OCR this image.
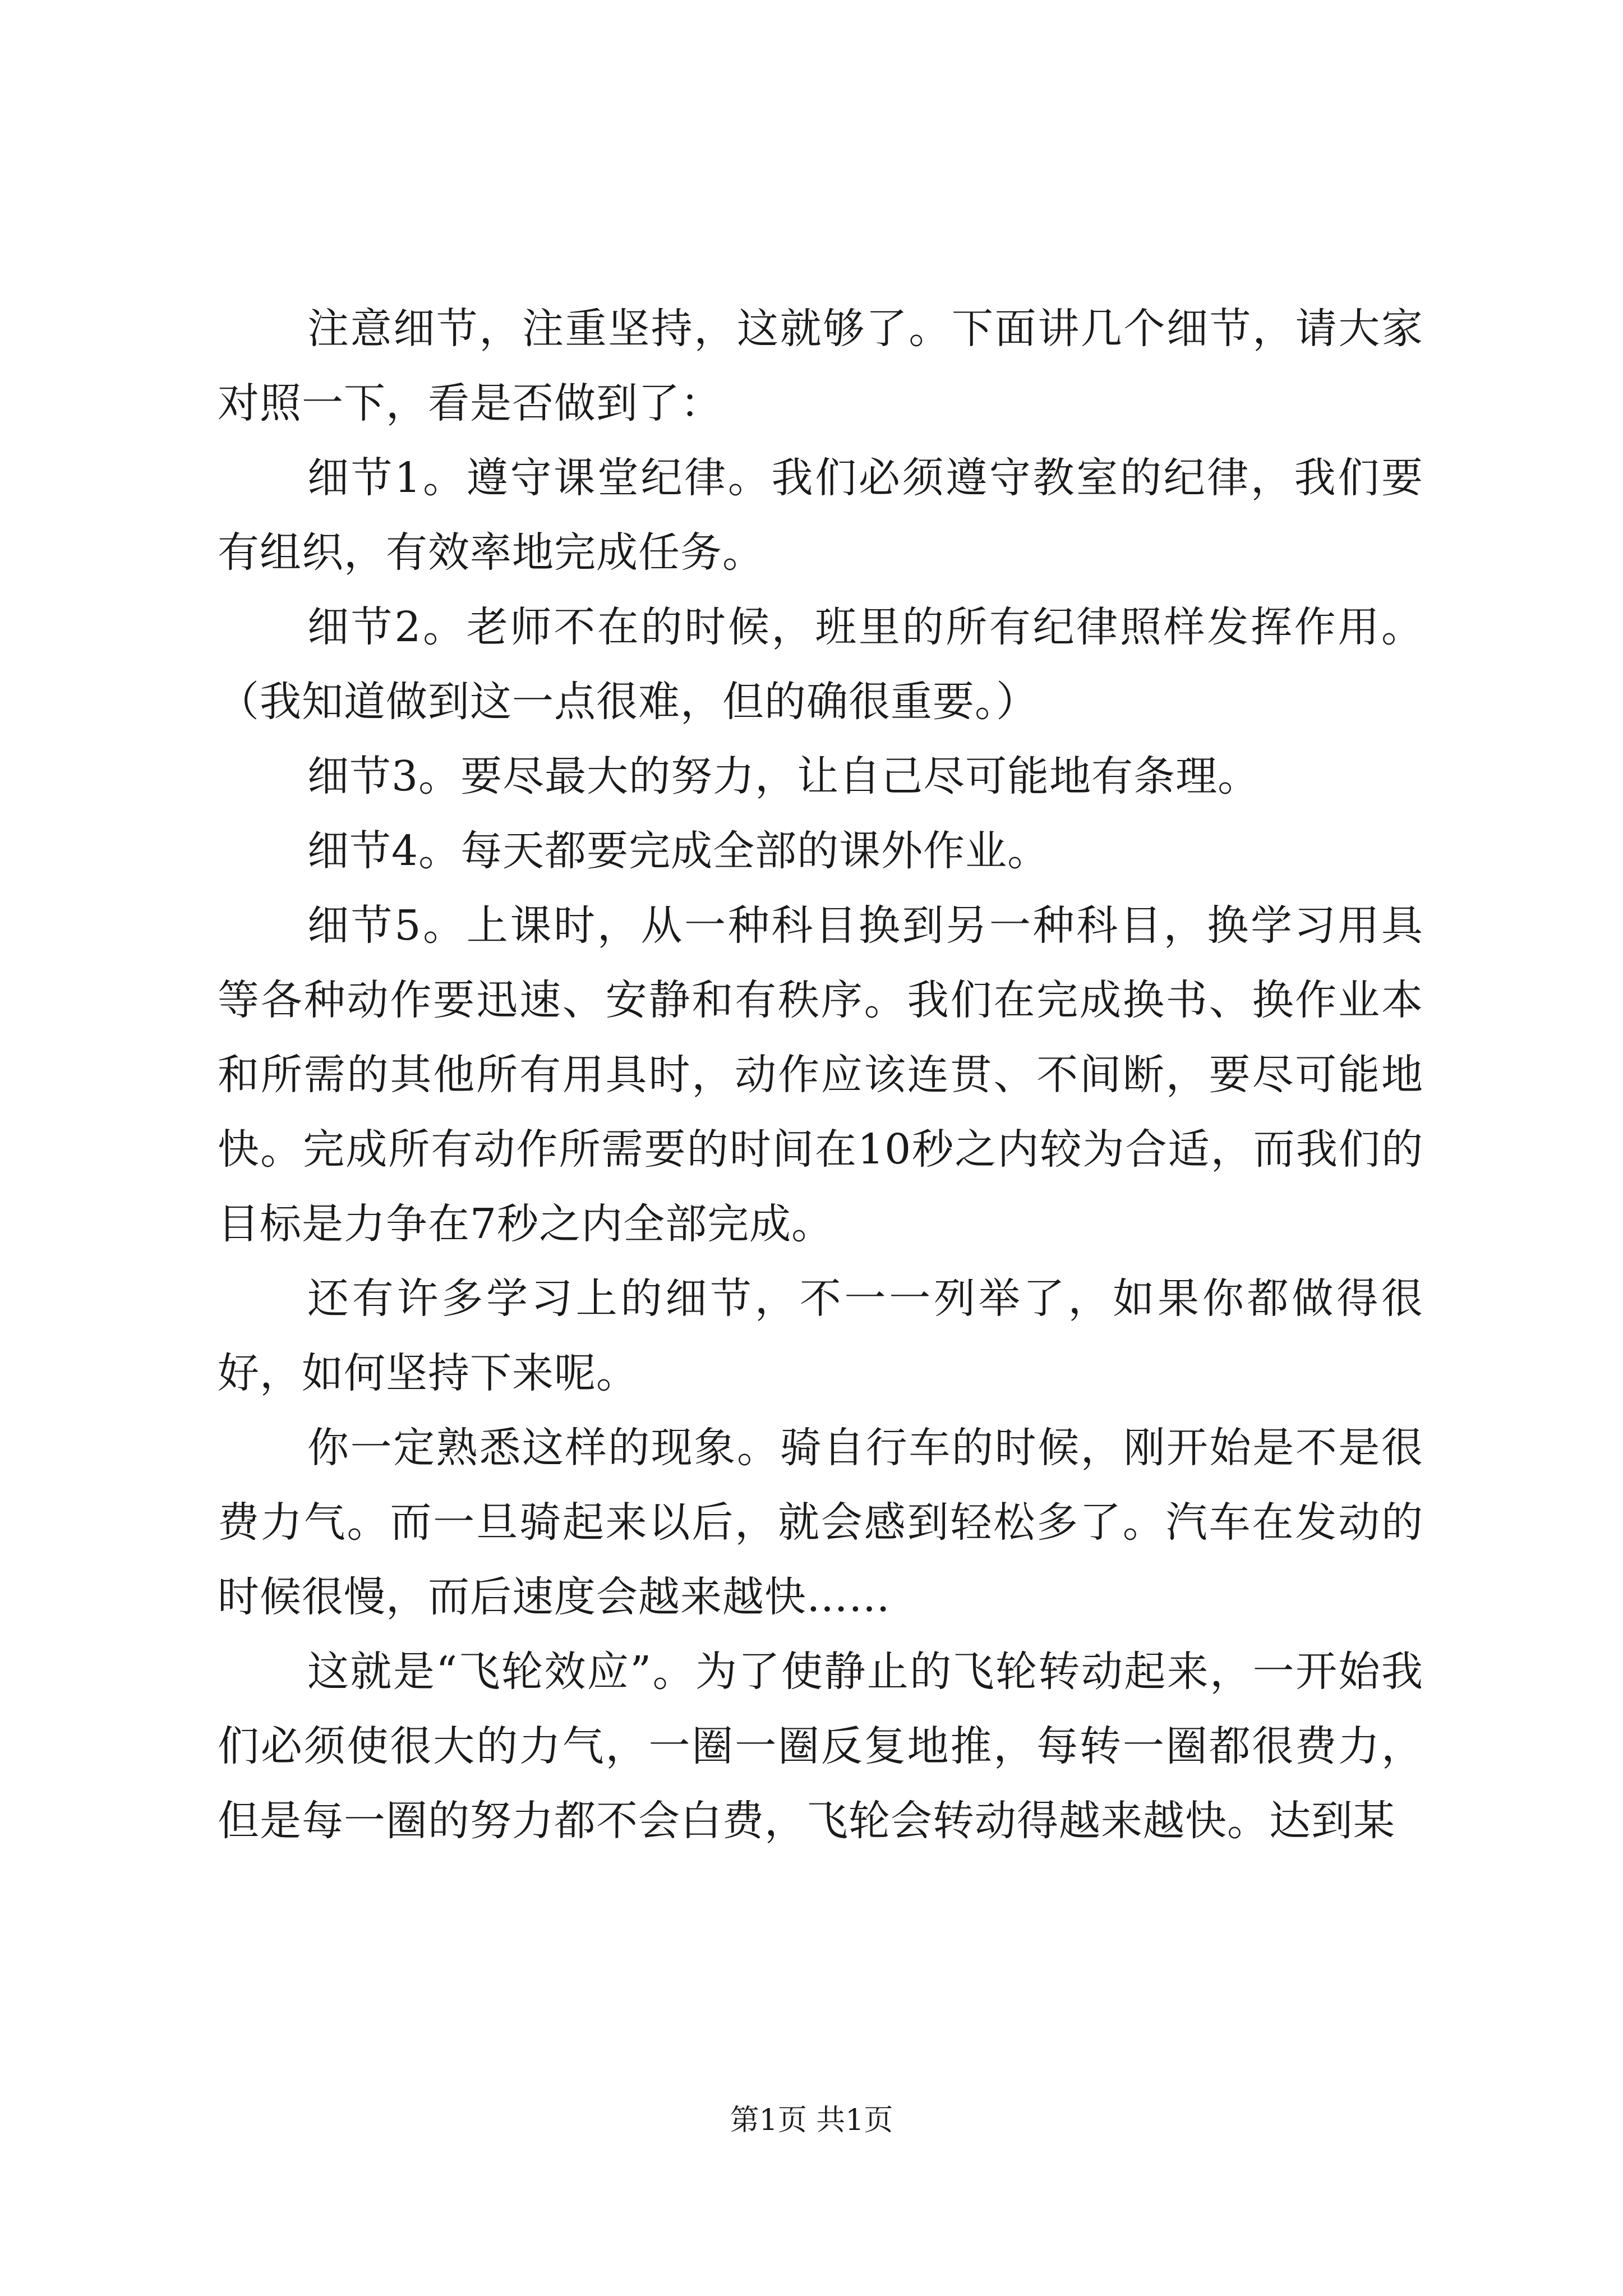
注意细节，注重坚持，这就够了。下面讲几个细节，请大家对照一下，看是否做到了：

细节1。遵守课堂纪律。我们必须遵守教室的纪律，我们要有组织，有效率地完成任务。

细节2。老师不在的时候，班里的所有纪律照样发挥作用。（我知道做到这一点很难，但的确很重要。）

细节3。要尽最大的努力，让自己尽可能地有条理。

细节4。每天都要完成全部的课外作业。

细节5。上课时，从一种科目换到另一种科目，换学习用具等各种动作要迅速、安静和有秩序。我们在完成换书、换作业本和所需的其他所有用具时，动作应该连贯、不间断，要尽可能地快。完成所有动作所需要的时间在10秒之内较为合适，而我们的目标是力争在7秒之内全部完成。

还有许多学习上的细节，不一一列举了，如果你都做得很好，如何坚持下来呢。

你一定熟悉这样的现象。骑自行车的时候，刚开始是不是很费力气。而一旦骑起来以后，就会感到轻松多了。汽车在发动的时候很慢，而后速度会越来越快……

这就是“飞轮效应”。为了使静止的飞轮转动起来，一开始我们必须使很大的力气，一圈一圈反复地推，每转一圈都很费力，但是每一圈的努力都不会白费，飞轮会转动得越来越快。达到某

第1页 共1页
